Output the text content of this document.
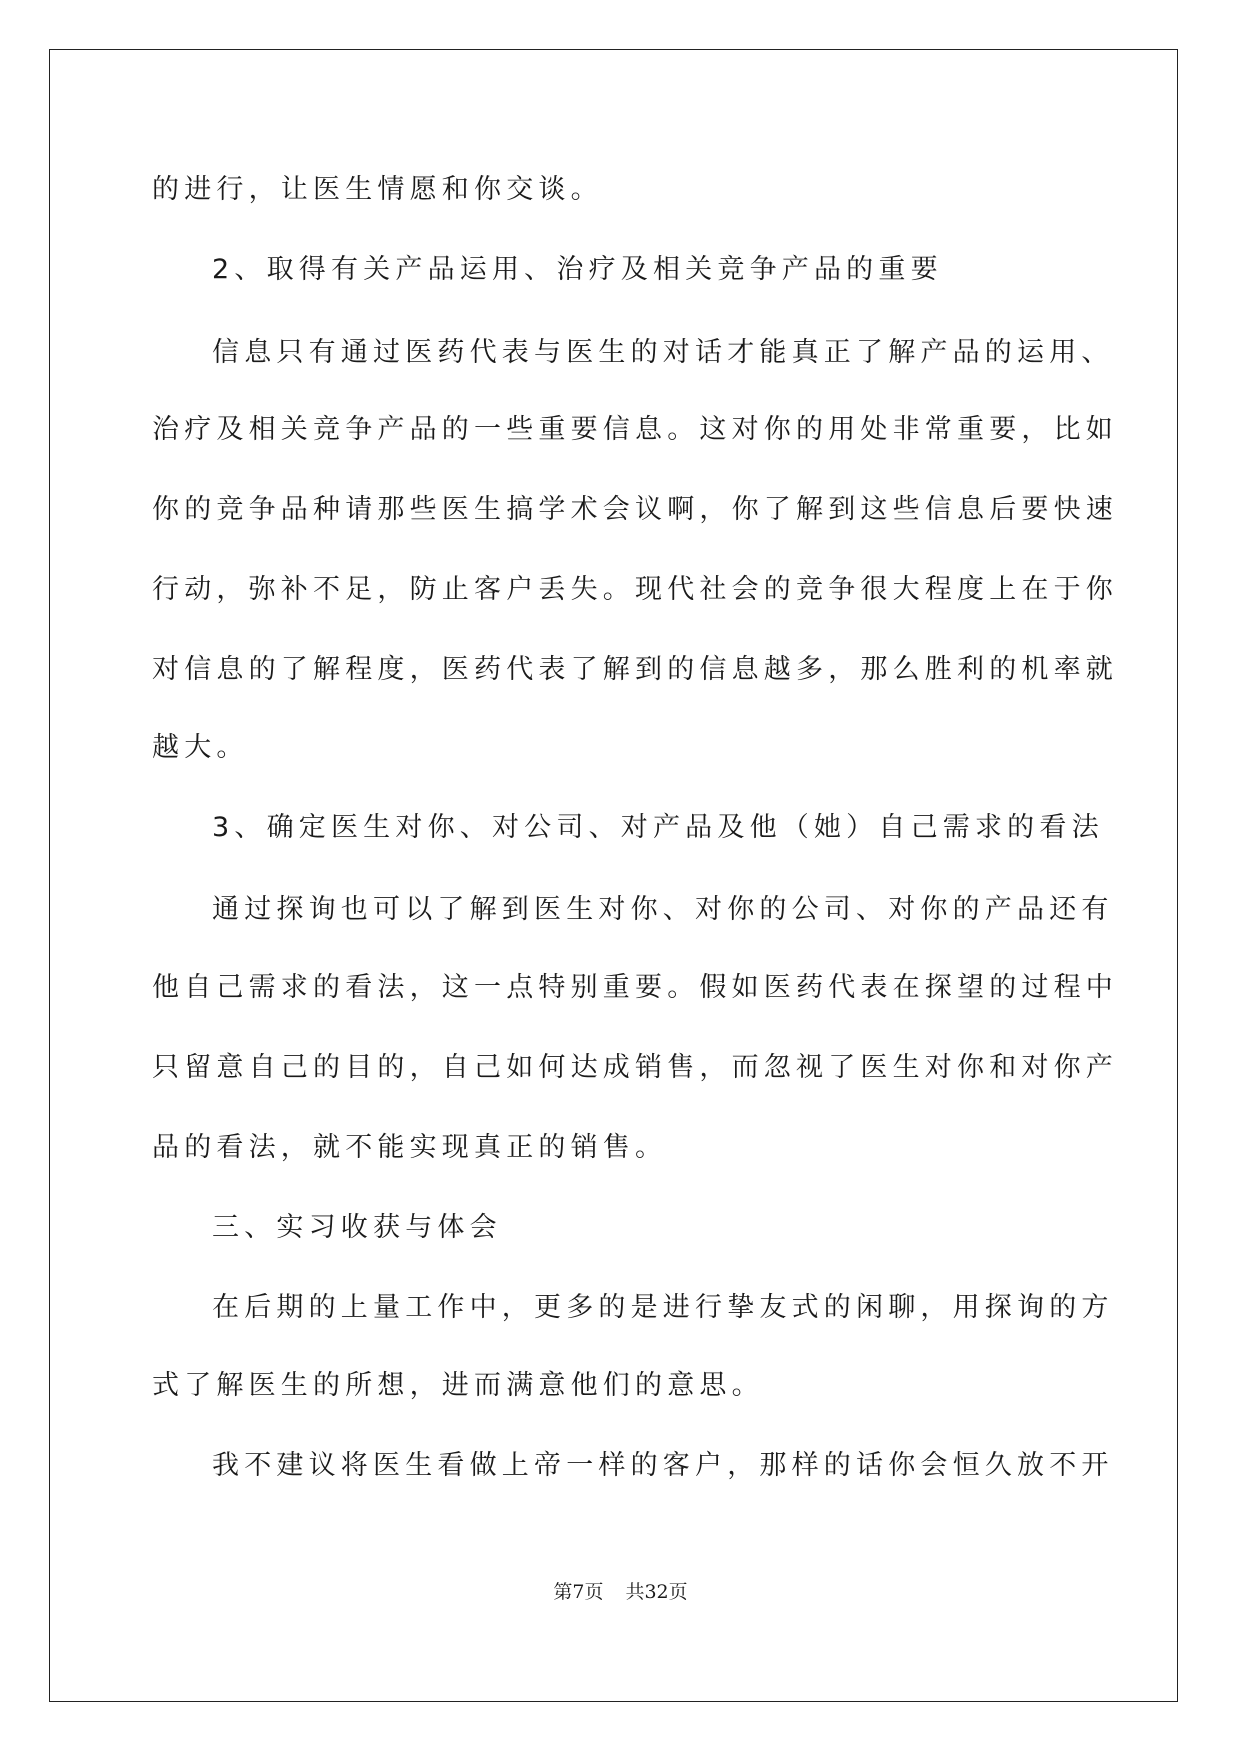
的进行，让医生情愿和你交谈。
2、取得有关产品运用、治疗及相关竞争产品的重要
信息只有通过医药代表与医生的对话才能真正了解产品的运用、
治疗及相关竞争产品的一些重要信息。这对你的用处非常重要，比如
你的竞争品种请那些医生搞学术会议啊，你了解到这些信息后要快速
行动，弥补不足，防止客户丢失。现代社会的竞争很大程度上在于你
对信息的了解程度，医药代表了解到的信息越多，那么胜利的机率就
越大。
3、确定医生对你、对公司、对产品及他（她）自己需求的看法
通过探询也可以了解到医生对你、对你的公司、对你的产品还有
他自己需求的看法，这一点特别重要。假如医药代表在探望的过程中
只留意自己的目的，自己如何达成销售，而忽视了医生对你和对你产
品的看法，就不能实现真正的销售。
三、实习收获与体会
在后期的上量工作中，更多的是进行挚友式的闲聊，用探询的方
式了解医生的所想，进而满意他们的意思。
我不建议将医生看做上帝一样的客户，那样的话你会恒久放不开
第7页 共32页
